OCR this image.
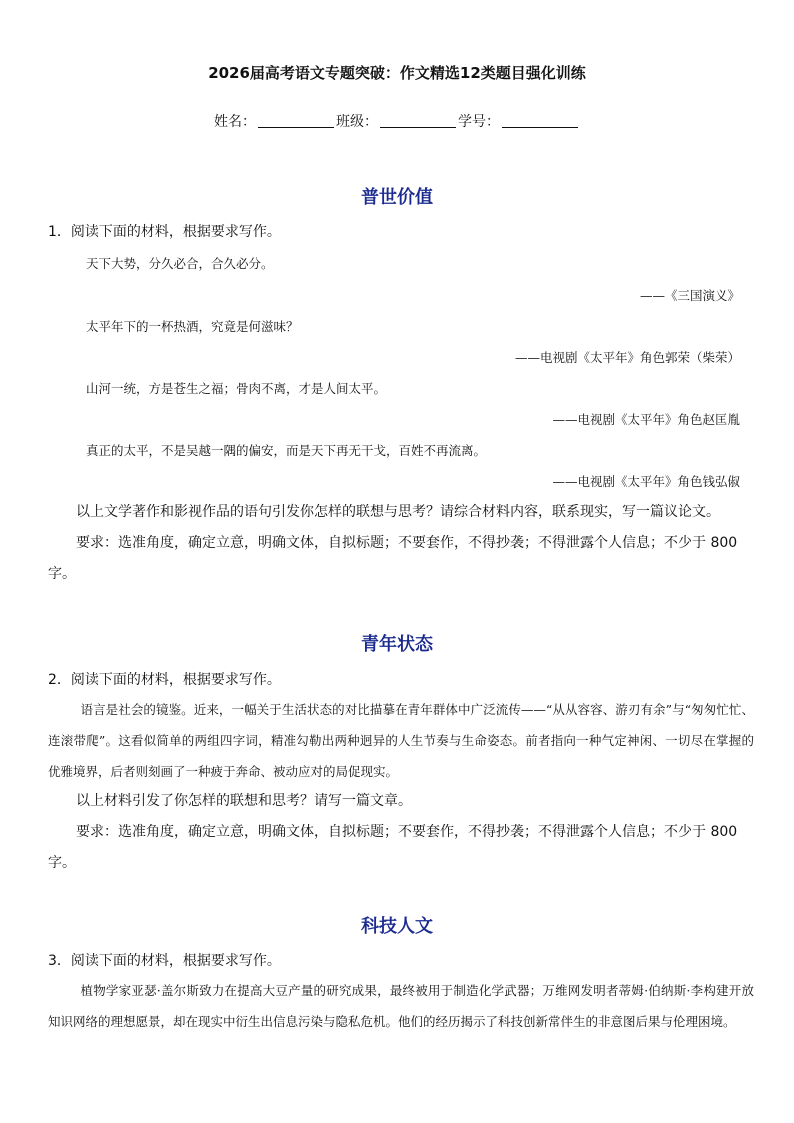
2026届高考语文专题突破：作文精选12类题目强化训练
姓名：	班级：	学号：
普世价值
1．阅读下面的材料，根据要求写作。
天下大势，分久必合，合久必分。
——《三国演义》
太平年下的一杯热酒，究竟是何滋味？
——电视剧《太平年》角色郭荣（柴荣）
山河一统，方是苍生之福；骨肉不离，才是人间太平。
——电视剧《太平年》角色赵匡胤
真正的太平，不是吴越一隅的偏安，而是天下再无干戈，百姓不再流离。
——电视剧《太平年》角色钱弘俶
以上文学著作和影视作品的语句引发你怎样的联想与思考？请综合材料内容，联系现实，写一篇议论文。
要求：选准角度，确定立意，明确文体，自拟标题；不要套作，不得抄袭；不得泄露个人信息；不少于 800 字。
青年状态
2．阅读下面的材料，根据要求写作。
语言是社会的镜鉴。近来，一幅关于生活状态的对比描摹在青年群体中广泛流传——“从从容容、游刃有余”与“匆匆忙忙、连滚带爬”。这看似简单的两组四字词，精准勾勒出两种迥异的人生节奏与生命姿态。前者指向一种气定神闲、一切尽在掌握的优雅境界，后者则刻画了一种疲于奔命、被动应对的局促现实。
以上材料引发了你怎样的联想和思考？请写一篇文章。
要求：选准角度，确定立意，明确文体，自拟标题；不要套作，不得抄袭；不得泄露个人信息；不少于 800 字。
科技人文
3．阅读下面的材料，根据要求写作。
植物学家亚瑟·盖尔斯致力在提高大豆产量的研究成果，最终被用于制造化学武器；万维网发明者蒂姆·伯纳斯·李构建开放知识网络的理想愿景，却在现实中衍生出信息污染与隐私危机。他们的经历揭示了科技创新常伴生的非意图后果与伦理困境。
